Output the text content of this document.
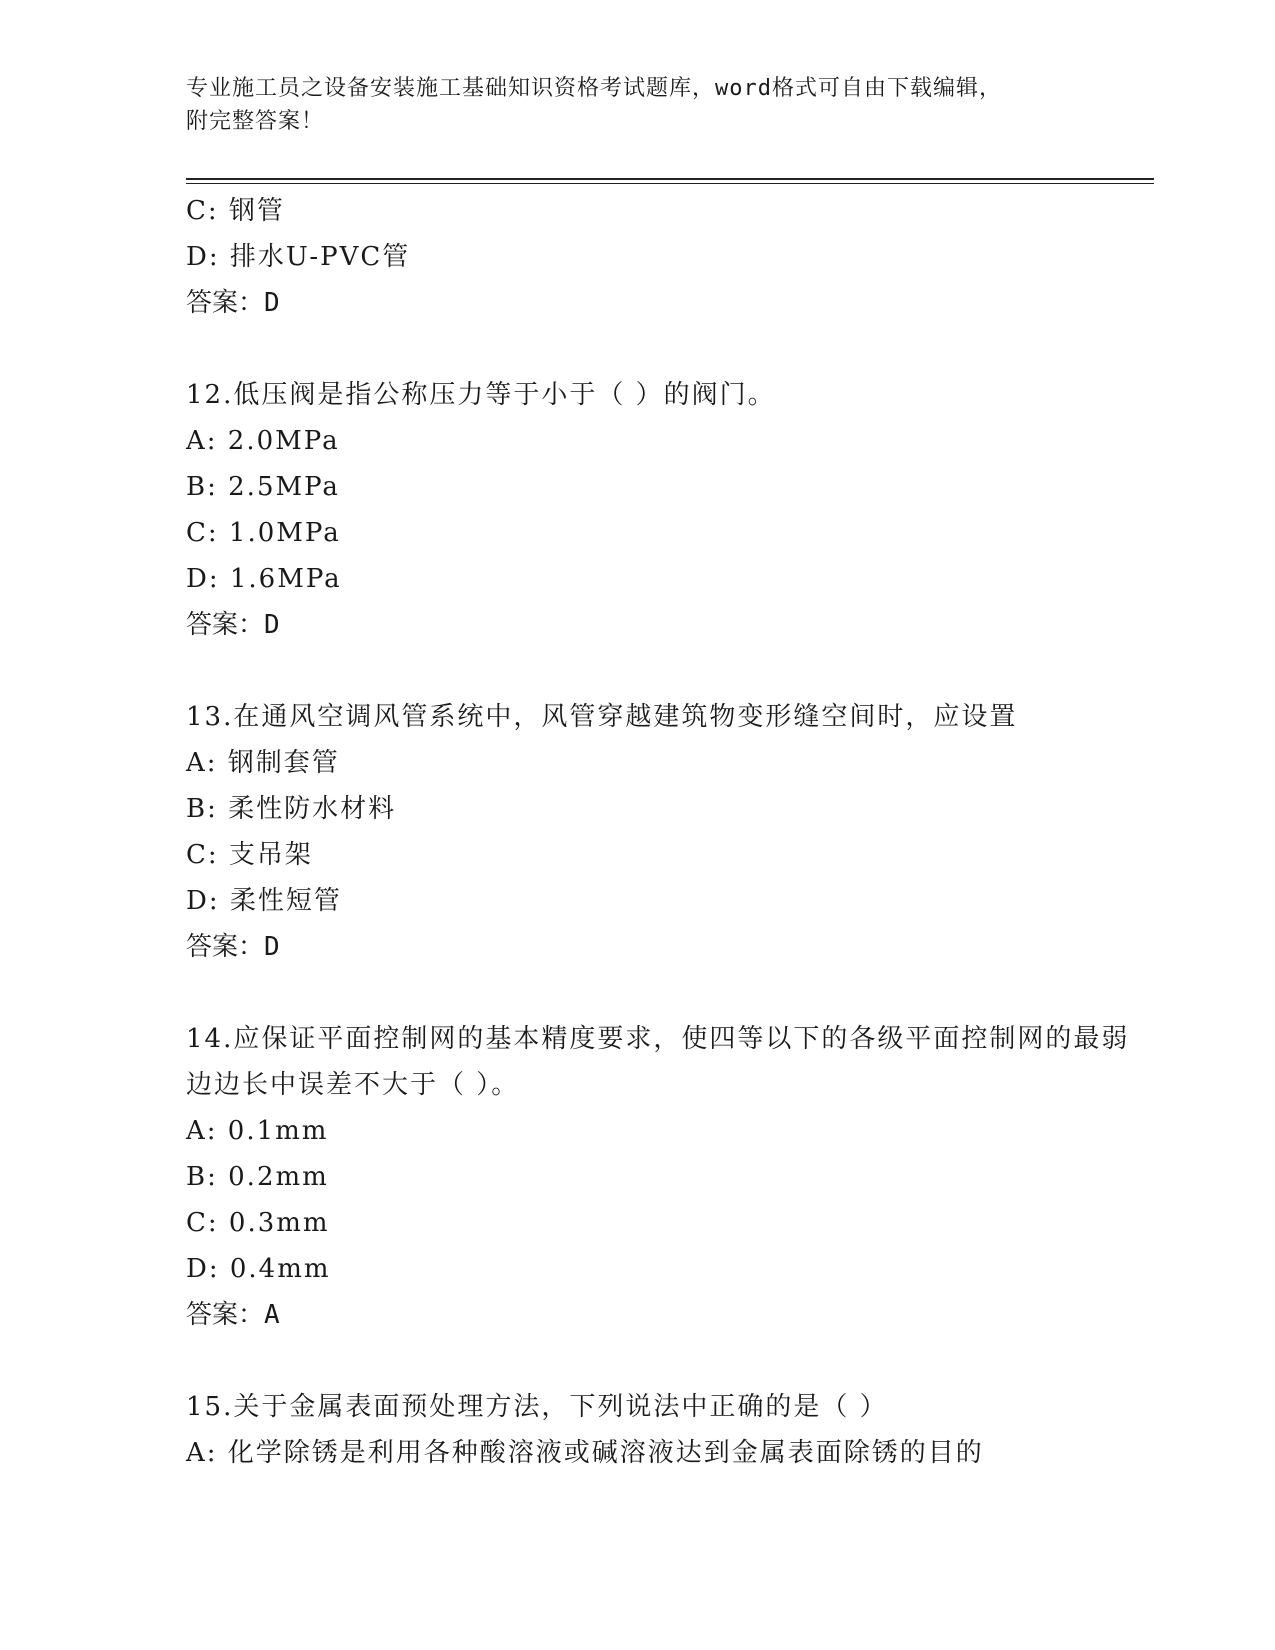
专业施工员之设备安装施工基础知识资格考试题库，word格式可自由下载编辑，
附完整答案！
C: 钢管
D: 排水U-PVC管
答案：D
12.低压阀是指公称压力等于小于（ ）的阀门。
A: 2.0MPa
B: 2.5MPa
C: 1.0MPa
D: 1.6MPa
答案：D
13.在通风空调风管系统中，风管穿越建筑物变形缝空间时，应设置
A: 钢制套管
B: 柔性防水材料
C: 支吊架
D: 柔性短管
答案：D
14.应保证平面控制网的基本精度要求，使四等以下的各级平面控制网的最弱边边长中误差不大于（ ）。
A: 0.1mm
B: 0.2mm
C: 0.3mm
D: 0.4mm
答案：A
15.关于金属表面预处理方法，下列说法中正确的是（ ）
A: 化学除锈是利用各种酸溶液或碱溶液达到金属表面除锈的目的
